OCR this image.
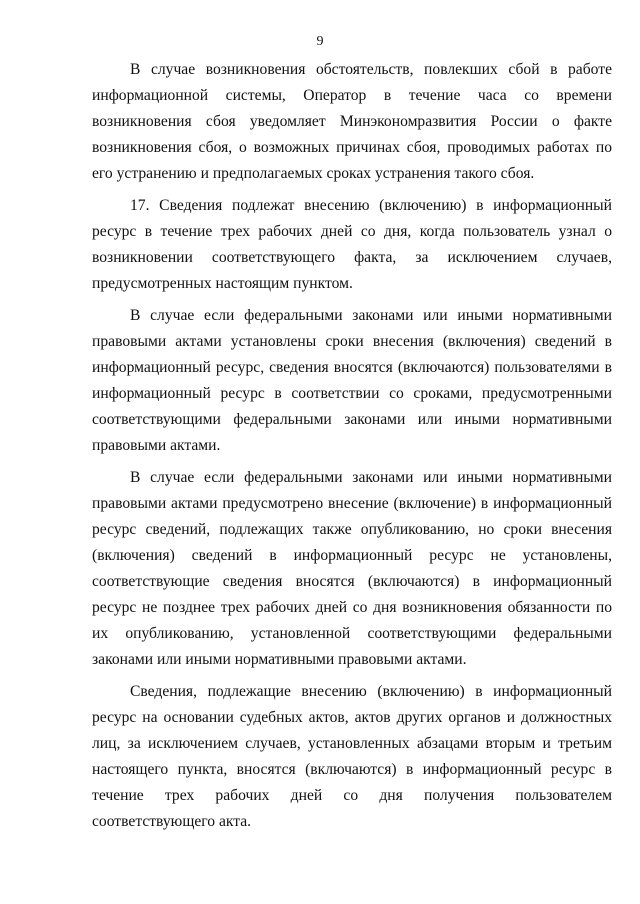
9

В случае возникновения обстоятельств, повлекших сбой в работе информационной системы, Оператор в течение часа со времени возникновения сбоя уведомляет Минэкономразвития России о факте возникновения сбоя, о возможных причинах сбоя, проводимых работах по его устранению и предполагаемых сроках устранения такого сбоя.

17. Сведения подлежат внесению (включению) в информационный ресурс в течение трех рабочих дней со дня, когда пользователь узнал о возникновении соответствующего факта, за исключением случаев, предусмотренных настоящим пунктом.

В случае если федеральными законами или иными нормативными правовыми актами установлены сроки внесения (включения) сведений в информационный ресурс, сведения вносятся (включаются) пользователями в информационный ресурс в соответствии со сроками, предусмотренными соответствующими федеральными законами или иными нормативными правовыми актами.

В случае если федеральными законами или иными нормативными правовыми актами предусмотрено внесение (включение) в информационный ресурс сведений, подлежащих также опубликованию, но сроки внесения (включения) сведений в информационный ресурс не установлены, соответствующие сведения вносятся (включаются) в информационный ресурс не позднее трех рабочих дней со дня возникновения обязанности по их опубликованию, установленной соответствующими федеральными законами или иными нормативными правовыми актами.

Сведения, подлежащие внесению (включению) в информационный ресурс на основании судебных актов, актов других органов и должностных лиц, за исключением случаев, установленных абзацами вторым и третьим настоящего пункта, вносятся (включаются) в информационный ресурс в течение трех рабочих дней со дня получения пользователем соответствующего акта.
